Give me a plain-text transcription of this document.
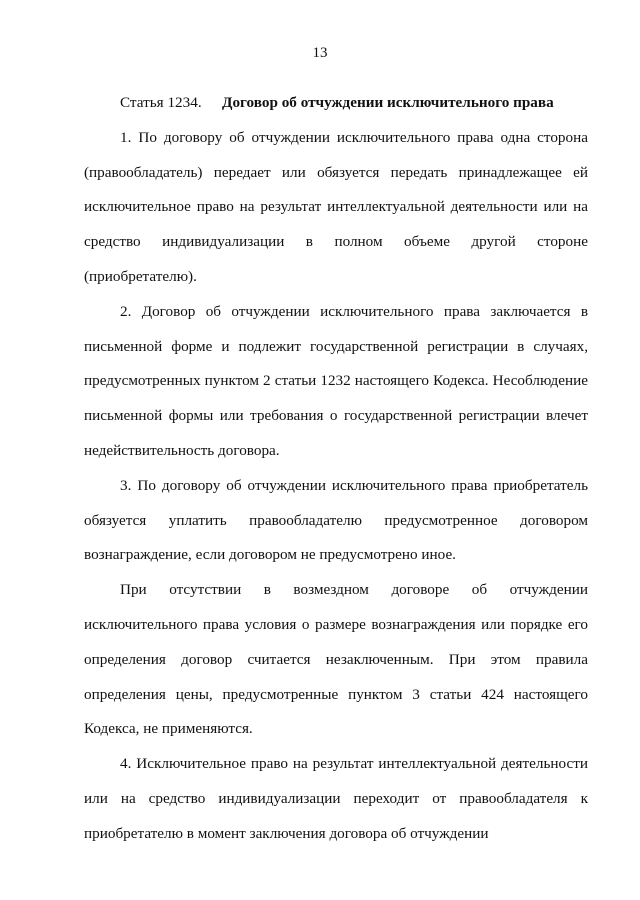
13

Статья 1234. Договор об отчуждении исключительного права

1. По договору об отчуждении исключительного права одна сторона (правообладатель) передает или обязуется передать принадлежащее ей исключительное право на результат интеллектуальной деятельности или на средство индивидуализации в полном объеме другой стороне (приобретателю).

2. Договор об отчуждении исключительного права заключается в письменной форме и подлежит государственной регистрации в случаях, предусмотренных пунктом 2 статьи 1232 настоящего Кодекса. Несоблюдение письменной формы или требования о государственной регистрации влечет недействительность договора.

3. По договору об отчуждении исключительного права приобретатель обязуется уплатить правообладателю предусмотренное договором вознаграждение, если договором не предусмотрено иное.

При отсутствии в возмездном договоре об отчуждении исключительного права условия о размере вознаграждения или порядке его определения договор считается незаключенным. При этом правила определения цены, предусмотренные пунктом 3 статьи 424 настоящего Кодекса, не применяются.

4. Исключительное право на результат интеллектуальной деятельности или на средство индивидуализации переходит от правообладателя к приобретателю в момент заключения договора об отчуждении
